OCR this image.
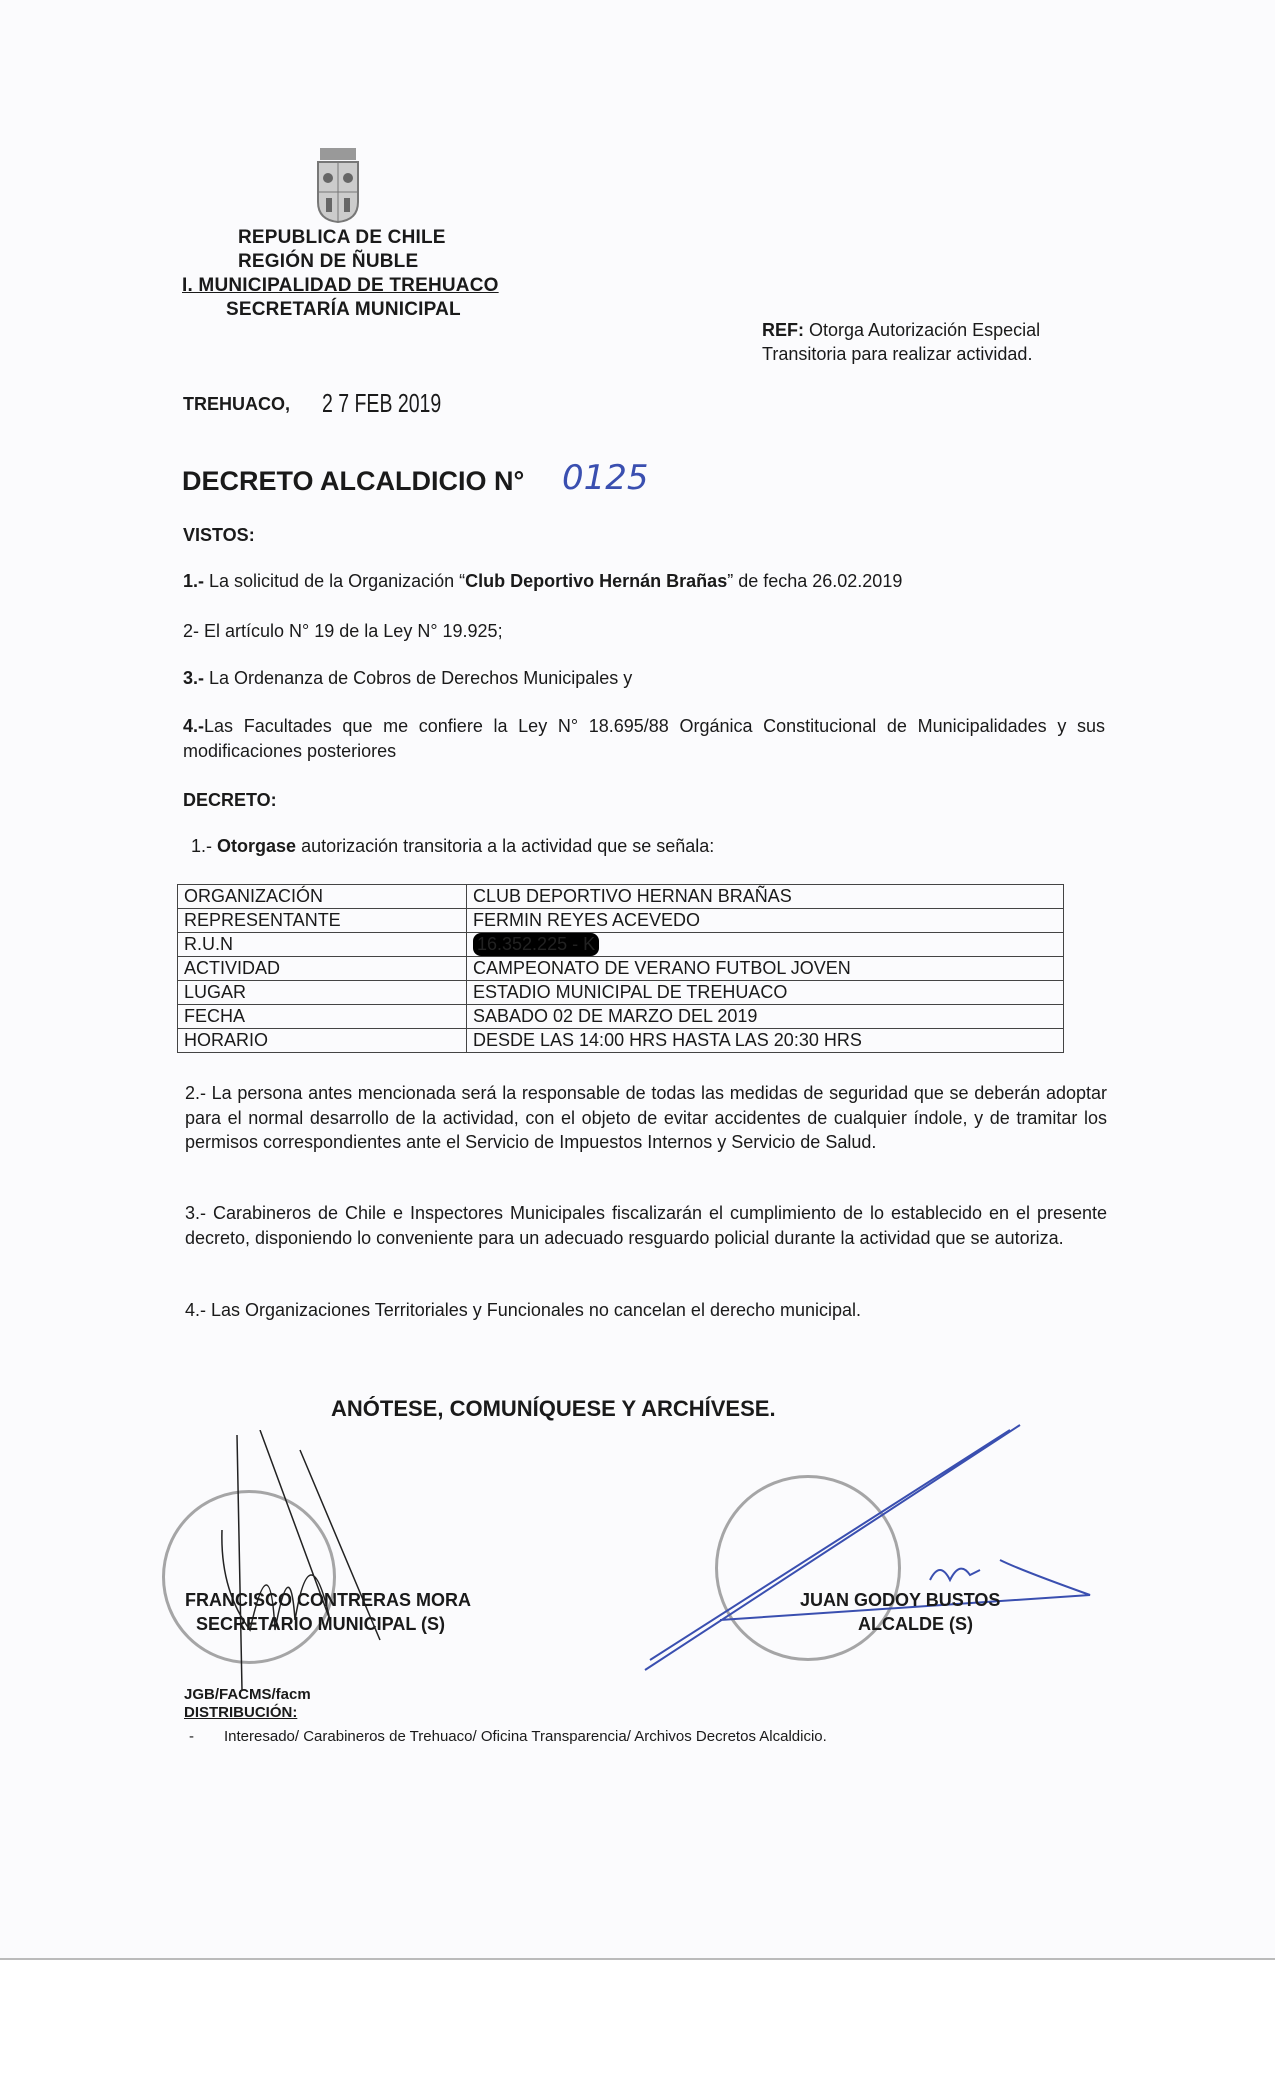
REPUBLICA DE CHILE
REGIÓN DE ÑUBLE
I. MUNICIPALIDAD DE TREHUACO
SECRETARÍA MUNICIPAL
REF: Otorga Autorización Especial
Transitoria para realizar actividad.
TREHUACO, 2 7 FEB 2019
DECRETO ALCALDICIO N° 0125
VISTOS:
1.- La solicitud de la Organización “Club Deportivo Hernán Brañas” de fecha 26.02.2019
2- El artículo N° 19 de la Ley N° 19.925;
3.- La Ordenanza de Cobros de Derechos Municipales y
4.-Las Facultades que me confiere la Ley N° 18.695/88 Orgánica Constitucional de Municipalidades y sus modificaciones posteriores
DECRETO:
1.- Otorgase autorización transitoria a la actividad que se señala:
ORGANIZACIÓN	CLUB DEPORTIVO HERNAN BRAÑAS
REPRESENTANTE	FERMIN REYES ACEVEDO
R.U.N	16.352.225 - K
ACTIVIDAD	CAMPEONATO DE VERANO FUTBOL JOVEN
LUGAR	ESTADIO MUNICIPAL DE TREHUACO
FECHA	SABADO 02 DE MARZO DEL 2019
HORARIO	DESDE LAS 14:00 HRS HASTA LAS 20:30 HRS
2.- La persona antes mencionada será la responsable de todas las medidas de seguridad que se deberán adoptar para el normal desarrollo de la actividad, con el objeto de evitar accidentes de cualquier índole, y de tramitar los permisos correspondientes ante el Servicio de Impuestos Internos y Servicio de Salud.
3.- Carabineros de Chile e Inspectores Municipales fiscalizarán el cumplimiento de lo establecido en el presente decreto, disponiendo lo conveniente para un adecuado resguardo policial durante la actividad que se autoriza.
4.- Las Organizaciones Territoriales y Funcionales no cancelan el derecho municipal.
ANÓTESE, COMUNÍQUESE Y ARCHÍVESE.
FRANCISCO CONTRERAS MORA
SECRETARIO MUNICIPAL (S)
JUAN GODOY BUSTOS
ALCALDE (S)
JGB/FACMS/facm
DISTRIBUCIÓN:
- Interesado/ Carabineros de Trehuaco/ Oficina Transparencia/ Archivos Decretos Alcaldicio.
